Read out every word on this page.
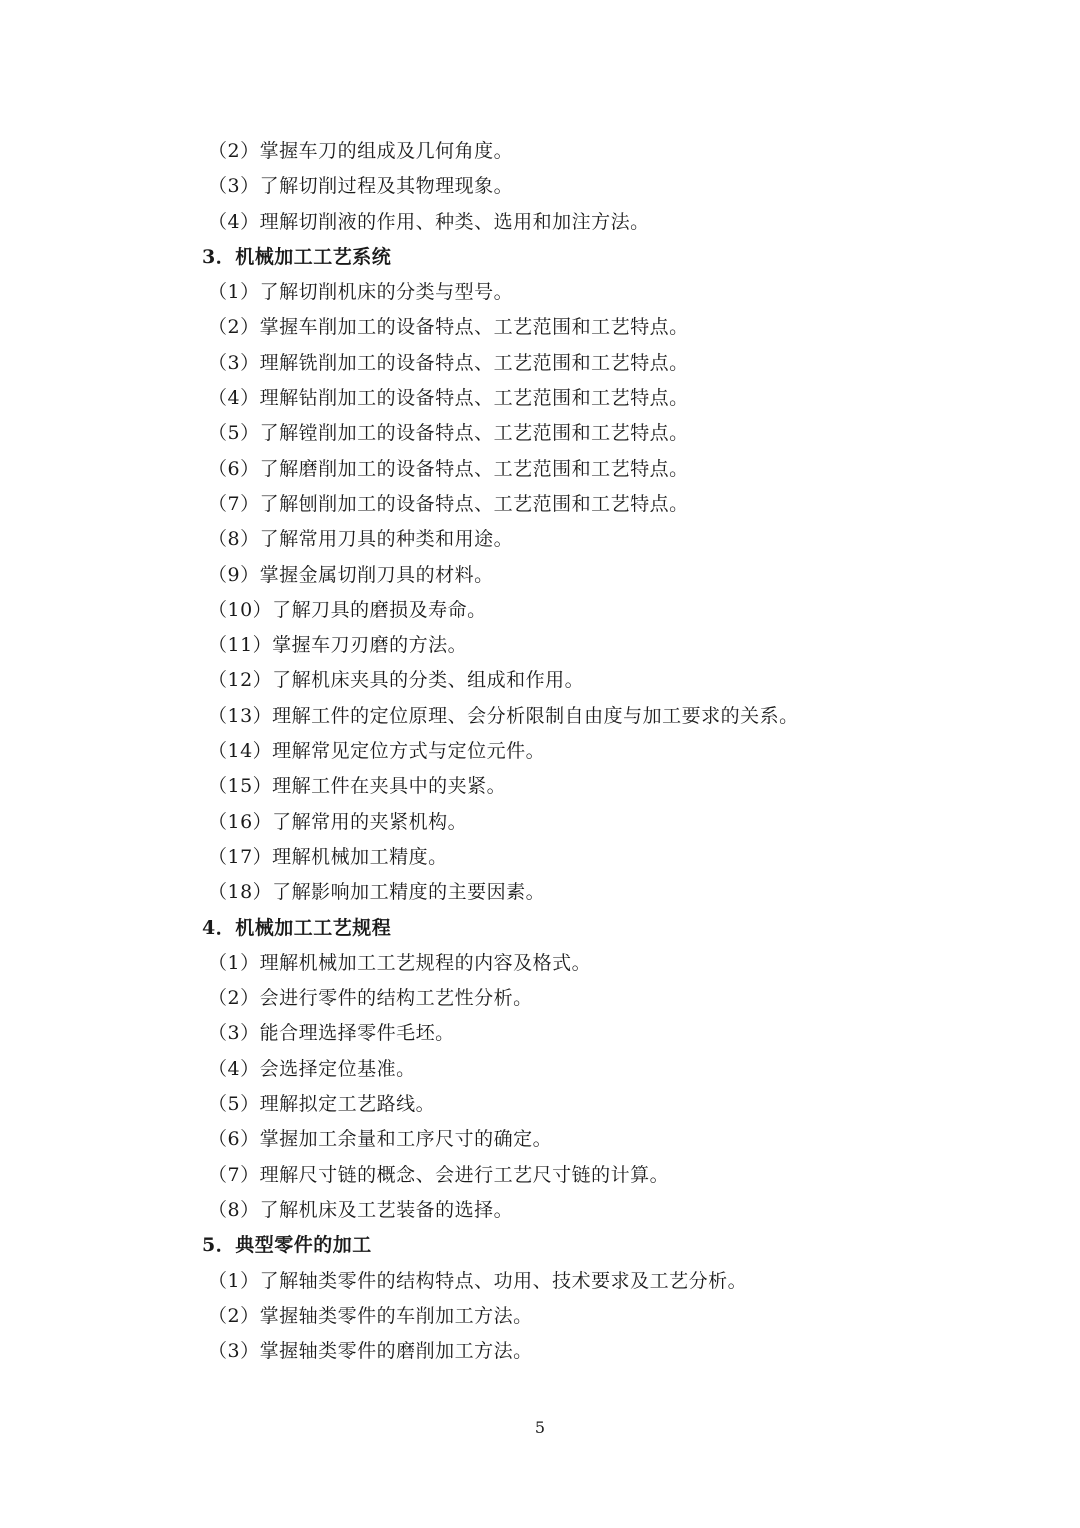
（2）掌握车刀的组成及几何角度。
（3）了解切削过程及其物理现象。
（4）理解切削液的作用、种类、选用和加注方法。
3．机械加工工艺系统
（1）了解切削机床的分类与型号。
（2）掌握车削加工的设备特点、工艺范围和工艺特点。
（3）理解铣削加工的设备特点、工艺范围和工艺特点。
（4）理解钻削加工的设备特点、工艺范围和工艺特点。
（5）了解镗削加工的设备特点、工艺范围和工艺特点。
（6）了解磨削加工的设备特点、工艺范围和工艺特点。
（7）了解刨削加工的设备特点、工艺范围和工艺特点。
（8）了解常用刀具的种类和用途。
（9）掌握金属切削刀具的材料。
（10）了解刀具的磨损及寿命。
（11）掌握车刀刃磨的方法。
（12）了解机床夹具的分类、组成和作用。
（13）理解工件的定位原理、会分析限制自由度与加工要求的关系。
（14）理解常见定位方式与定位元件。
（15）理解工件在夹具中的夹紧。
（16）了解常用的夹紧机构。
（17）理解机械加工精度。
（18）了解影响加工精度的主要因素。
4．机械加工工艺规程
（1）理解机械加工工艺规程的内容及格式。
（2）会进行零件的结构工艺性分析。
（3）能合理选择零件毛坯。
（4）会选择定位基准。
（5）理解拟定工艺路线。
（6）掌握加工余量和工序尺寸的确定。
（7）理解尺寸链的概念、会进行工艺尺寸链的计算。
（8）了解机床及工艺装备的选择。
5．典型零件的加工
（1）了解轴类零件的结构特点、功用、技术要求及工艺分析。
（2）掌握轴类零件的车削加工方法。
（3）掌握轴类零件的磨削加工方法。
5
